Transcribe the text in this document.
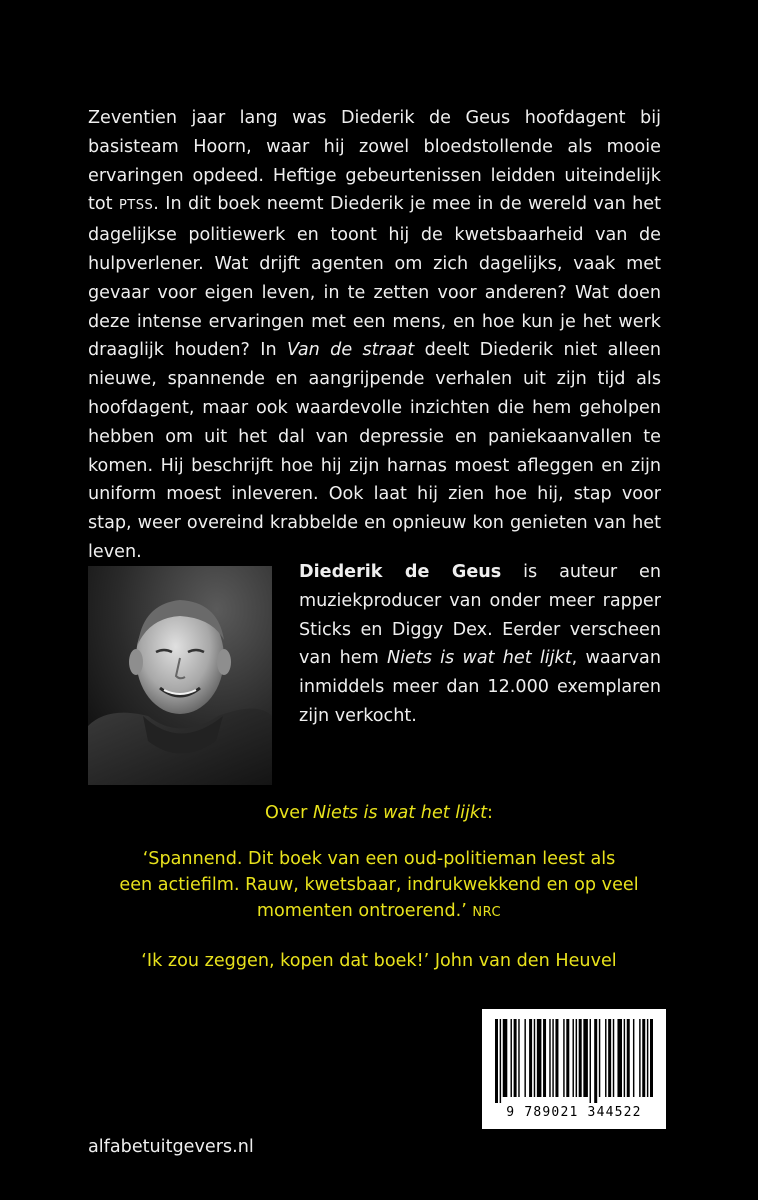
Zeventien jaar lang was Diederik de Geus hoofdagent bij basisteam Hoorn, waar hij zowel bloedstollende als mooie ervaringen opdeed. Heftige gebeurtenissen leidden uiteindelijk tot PTSS. In dit boek neemt Diederik je mee in de wereld van het dagelijkse politiewerk en toont hij de kwetsbaarheid van de hulpverlener. Wat drijft agenten om zich dagelijks, vaak met gevaar voor eigen leven, in te zetten voor anderen? Wat doen deze intense ervaringen met een mens, en hoe kun je het werk draaglijk houden? In Van de straat deelt Diederik niet alleen nieuwe, spannende en aangrijpende verhalen uit zijn tijd als hoofdagent, maar ook waardevolle inzichten die hem geholpen hebben om uit het dal van depressie en paniekaanvallen te komen. Hij beschrijft hoe hij zijn harnas moest afleggen en zijn uniform moest inleveren. Ook laat hij zien hoe hij, stap voor stap, weer overeind krabbelde en opnieuw kon genieten van het leven.

Diederik de Geus is auteur en muziekproducer van onder meer rapper Sticks en Diggy Dex. Eerder verscheen van hem Niets is wat het lijkt, waarvan inmiddels meer dan 12.000 exemplaren zijn verkocht.

Over Niets is wat het lijkt:

‘Spannend. Dit boek van een oud-politieman leest als
een actiefilm. Rauw, kwetsbaar, indrukwekkend en op veel
momenten ontroerend.’ NRC

‘Ik zou zeggen, kopen dat boek!’ John van den Heuvel

9 789021 344522

alfabetuitgevers.nl
